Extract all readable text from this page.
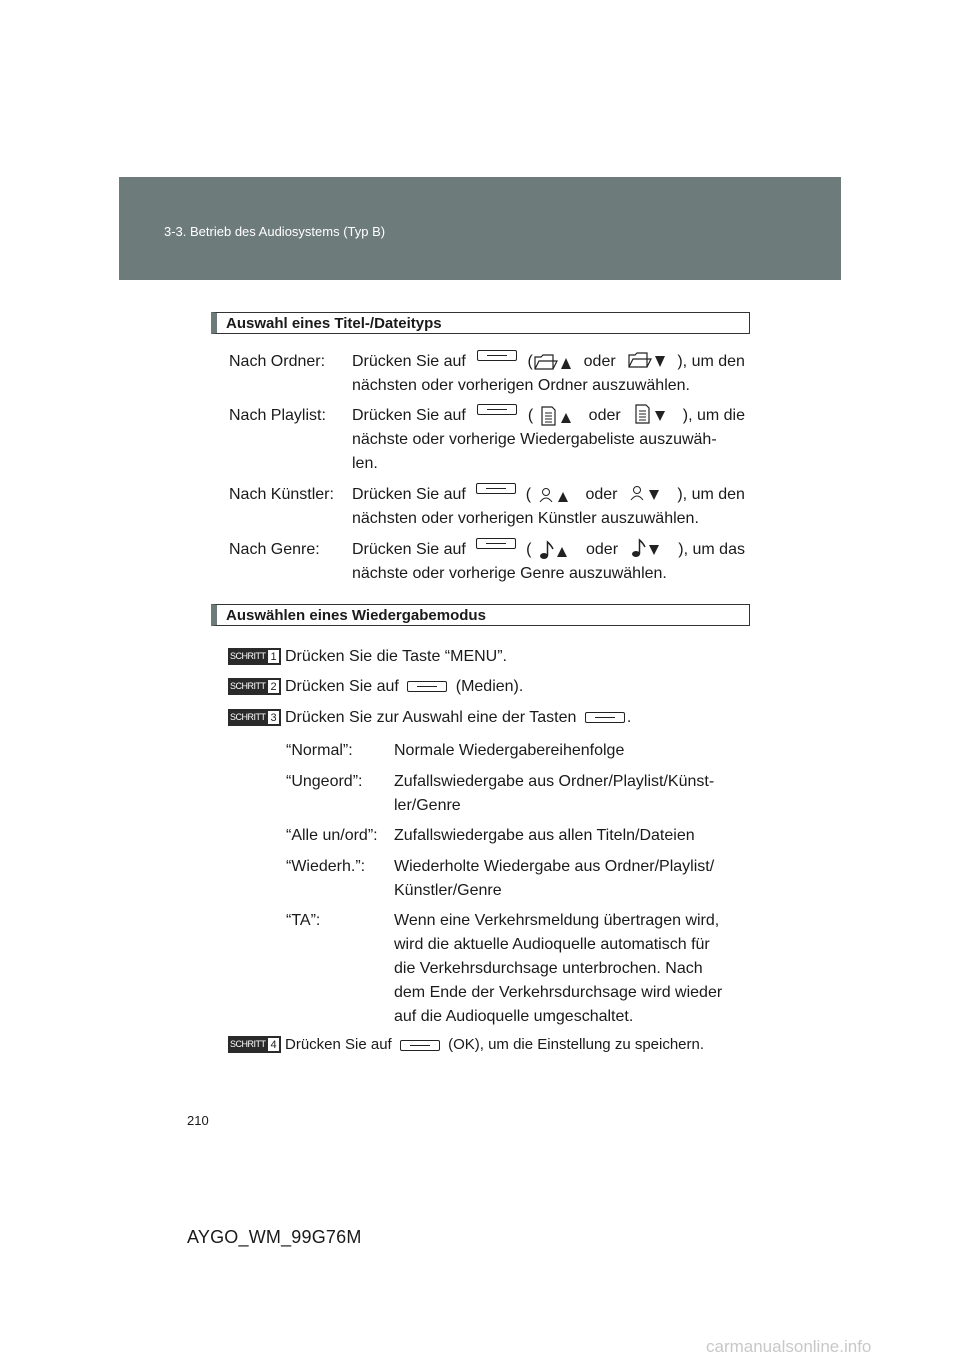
3-3. Betrieb des Audiosystems (Typ B)
Auswahl eines Titel-/Dateityps
Nach Ordner: Drücken Sie auf	(	oder	), um den
nächsten oder vorherigen Ordner auszuwählen.
Nach Playlist: Drücken Sie auf	(	oder	), um die
nächste oder vorherige Wiedergabeliste auszuwäh-
len.
Nach Künstler: Drücken Sie auf	(	oder	), um den
nächsten oder vorherigen Künstler auszuwählen.
Nach Genre: Drücken Sie auf	(	oder	), um das
nächste oder vorherige Genre auszuwählen.
Auswählen eines Wiedergabemodus
SCHRITT 1 Drücken Sie die Taste “MENU”.
SCHRITT 2 Drücken Sie auf	(Medien).
SCHRITT 3 Drücken Sie zur Auswahl eine der Tasten	.
“Normal”:	Normale Wiedergabereihenfolge
“Ungeord”: Zufallswiedergabe aus Ordner/Playlist/Künst-
ler/Genre
“Alle un/ord”: Zufallswiedergabe aus allen Titeln/Dateien
“Wiederh.”: Wiederholte Wiedergabe aus Ordner/Playlist/
Künstler/Genre
“TA”:	Wenn eine Verkehrsmeldung übertragen wird,
wird die aktuelle Audioquelle automatisch für
die Verkehrsdurchsage unterbrochen. Nach
dem Ende der Verkehrsdurchsage wird wieder
auf die Audioquelle umgeschaltet.
SCHRITT 4 Drücken Sie auf	(OK), um die Einstellung zu speichern.
210
AYGO_WM_99G76M
carmanualsonline.info
